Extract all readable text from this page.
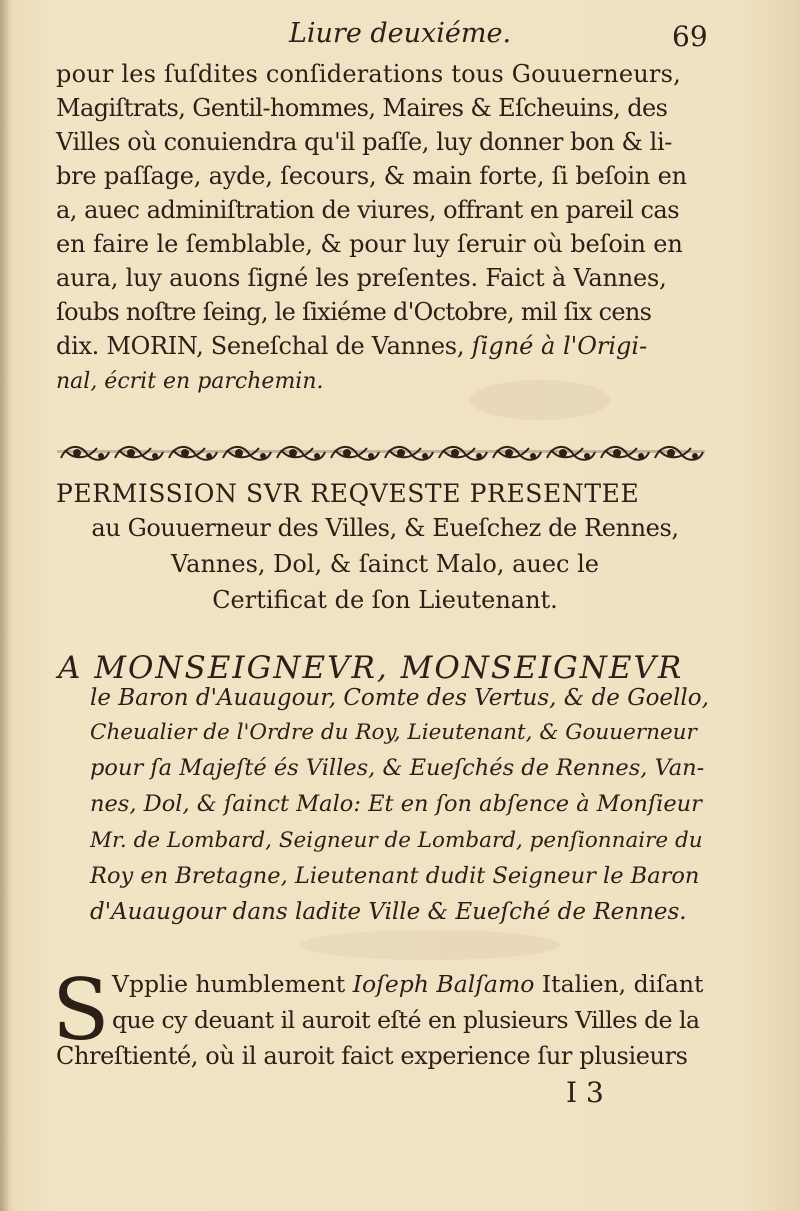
Liure deuxiéme.	69
pour les ſuſdites conſiderations tous Gouuerneurs,
Magiſtrats, Gentil-hommes, Maires & Eſcheuins, des
Villes où conuiendra qu'il paſſe, luy donner bon & li-
bre paſſage, ayde, ſecours, & main forte, ſi beſoin en
a, auec adminiſtration de viures, offrant en pareil cas
en faire le ſemblable, & pour luy ſeruir où beſoin en
aura, luy auons ſigné les preſentes. Faict à Vannes,
ſoubs noſtre ſeing, le ſixiéme d'Octobre, mil ſix cens
dix. MORIN, Seneſchal de Vannes, ſigné à l'Origi-
nal, écrit en parchemin.
PERMISSION SVR REQVESTE PRESENTEE
au Gouuerneur des Villes, & Eueſchez de Rennes,
Vannes, Dol, & ſainct Malo, auec le
Certificat de ſon Lieutenant.
A MONSEIGNEVR, MONSEIGNEVR
le Baron d'Auaugour, Comte des Vertus, & de Goello,
Cheualier de l'Ordre du Roy, Lieutenant, & Gouuerneur
pour ſa Majeſté és Villes, & Eueſchés de Rennes, Van-
nes, Dol, & ſainct Malo: Et en ſon abſence à Monſieur
Mr. de Lombard, Seigneur de Lombard, penſionnaire du
Roy en Bretagne, Lieutenant dudit Seigneur le Baron
d'Auaugour dans ladite Ville & Eueſché de Rennes.
S Vpplie humblement Ioſeph Balſamo Italien, diſant
que cy deuant il auroit eſté en plusieurs Villes de la
Chreſtienté, où il auroit faict experience ſur plusieurs
I 3
